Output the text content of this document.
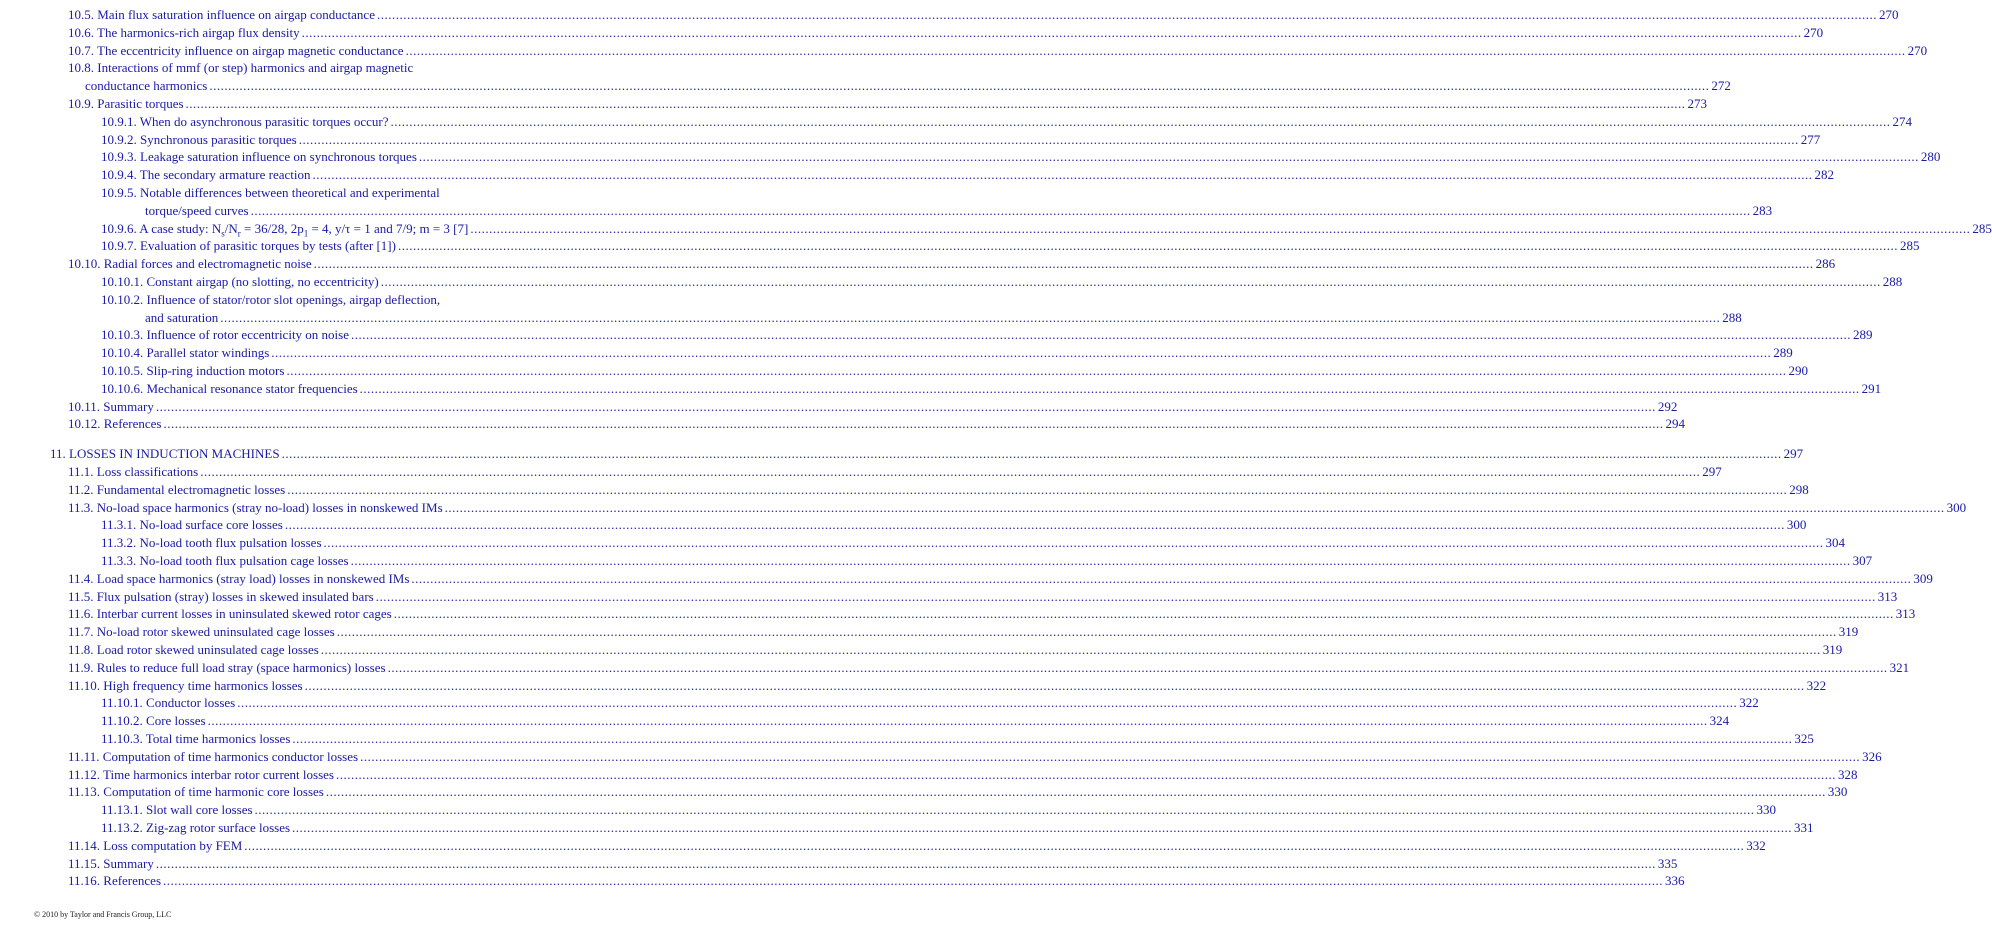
10.5. Main flux saturation influence on airgap conductance ................................................................................................................................................................................................................................................................................................................................................................................................................ 270
10.6. The harmonics-rich airgap flux density ................................................................................................................................................................................................................................................................................................................................................................................................................ 270
10.7. The eccentricity influence on airgap magnetic conductance ................................................................................................................................................................................................................................................................................................................................................................................................................ 270
10.8. Interactions of mmf (or step) harmonics and airgap magnetic
conductance harmonics ................................................................................................................................................................................................................................................................................................................................................................................................................ 272
10.9. Parasitic torques ................................................................................................................................................................................................................................................................................................................................................................................................................ 273
10.9.1. When do asynchronous parasitic torques occur? ................................................................................................................................................................................................................................................................................................................................................................................................................ 274
10.9.2. Synchronous parasitic torques ................................................................................................................................................................................................................................................................................................................................................................................................................ 277
10.9.3. Leakage saturation influence on synchronous torques ................................................................................................................................................................................................................................................................................................................................................................................................................ 280
10.9.4. The secondary armature reaction ................................................................................................................................................................................................................................................................................................................................................................................................................ 282
10.9.5. Notable differences between theoretical and experimental
torque/speed curves ................................................................................................................................................................................................................................................................................................................................................................................................................ 283
10.9.6. A case study: $N_s/N_r = 36/28$, $2p_1 = 4$, y/τ = 1 and 7/9; m = 3 [7] ................................................................................................................................................................................................................................................................................................................................................................................................................ 285
10.9.7. Evaluation of parasitic torques by tests (after [1]) ................................................................................................................................................................................................................................................................................................................................................................................................................ 285
10.10. Radial forces and electromagnetic noise ................................................................................................................................................................................................................................................................................................................................................................................................................ 286
10.10.1. Constant airgap (no slotting, no eccentricity) ................................................................................................................................................................................................................................................................................................................................................................................................................ 288
10.10.2. Influence of stator/rotor slot openings, airgap deflection,
and saturation ................................................................................................................................................................................................................................................................................................................................................................................................................ 288
10.10.3. Influence of rotor eccentricity on noise ................................................................................................................................................................................................................................................................................................................................................................................................................ 289
10.10.4. Parallel stator windings ................................................................................................................................................................................................................................................................................................................................................................................................................ 289
10.10.5. Slip-ring induction motors ................................................................................................................................................................................................................................................................................................................................................................................................................ 290
10.10.6. Mechanical resonance stator frequencies ................................................................................................................................................................................................................................................................................................................................................................................................................ 291
10.11. Summary ................................................................................................................................................................................................................................................................................................................................................................................................................ 292
10.12. References ................................................................................................................................................................................................................................................................................................................................................................................................................ 294
11. LOSSES IN INDUCTION MACHINES ................................................................................................................................................................................................................................................................................................................................................................................................................ 297
11.1. Loss classifications ................................................................................................................................................................................................................................................................................................................................................................................................................ 297
11.2. Fundamental electromagnetic losses ................................................................................................................................................................................................................................................................................................................................................................................................................ 298
11.3. No-load space harmonics (stray no-load) losses in nonskewed IMs ................................................................................................................................................................................................................................................................................................................................................................................................................ 300
11.3.1. No-load surface core losses ................................................................................................................................................................................................................................................................................................................................................................................................................ 300
11.3.2. No-load tooth flux pulsation losses ................................................................................................................................................................................................................................................................................................................................................................................................................ 304
11.3.3. No-load tooth flux pulsation cage losses ................................................................................................................................................................................................................................................................................................................................................................................................................ 307
11.4. Load space harmonics (stray load) losses in nonskewed IMs ................................................................................................................................................................................................................................................................................................................................................................................................................ 309
11.5. Flux pulsation (stray) losses in skewed insulated bars ................................................................................................................................................................................................................................................................................................................................................................................................................ 313
11.6. Interbar current losses in uninsulated skewed rotor cages ................................................................................................................................................................................................................................................................................................................................................................................................................ 313
11.7. No-load rotor skewed uninsulated cage losses ................................................................................................................................................................................................................................................................................................................................................................................................................ 319
11.8. Load rotor skewed uninsulated cage losses ................................................................................................................................................................................................................................................................................................................................................................................................................ 319
11.9. Rules to reduce full load stray (space harmonics) losses ................................................................................................................................................................................................................................................................................................................................................................................................................ 321
11.10. High frequency time harmonics losses ................................................................................................................................................................................................................................................................................................................................................................................................................ 322
11.10.1. Conductor losses ................................................................................................................................................................................................................................................................................................................................................................................................................ 322
11.10.2. Core losses ................................................................................................................................................................................................................................................................................................................................................................................................................ 324
11.10.3. Total time harmonics losses ................................................................................................................................................................................................................................................................................................................................................................................................................ 325
11.11. Computation of time harmonics conductor losses ................................................................................................................................................................................................................................................................................................................................................................................................................ 326
11.12. Time harmonics interbar rotor current losses ................................................................................................................................................................................................................................................................................................................................................................................................................ 328
11.13. Computation of time harmonic core losses ................................................................................................................................................................................................................................................................................................................................................................................................................ 330
11.13.1. Slot wall core losses ................................................................................................................................................................................................................................................................................................................................................................................................................ 330
11.13.2. Zig-zag rotor surface losses ................................................................................................................................................................................................................................................................................................................................................................................................................ 331
11.14. Loss computation by FEM ................................................................................................................................................................................................................................................................................................................................................................................................................ 332
11.15. Summary ................................................................................................................................................................................................................................................................................................................................................................................................................ 335
11.16. References ................................................................................................................................................................................................................................................................................................................................................................................................................ 336
© 2010 by Taylor and Francis Group, LLC
